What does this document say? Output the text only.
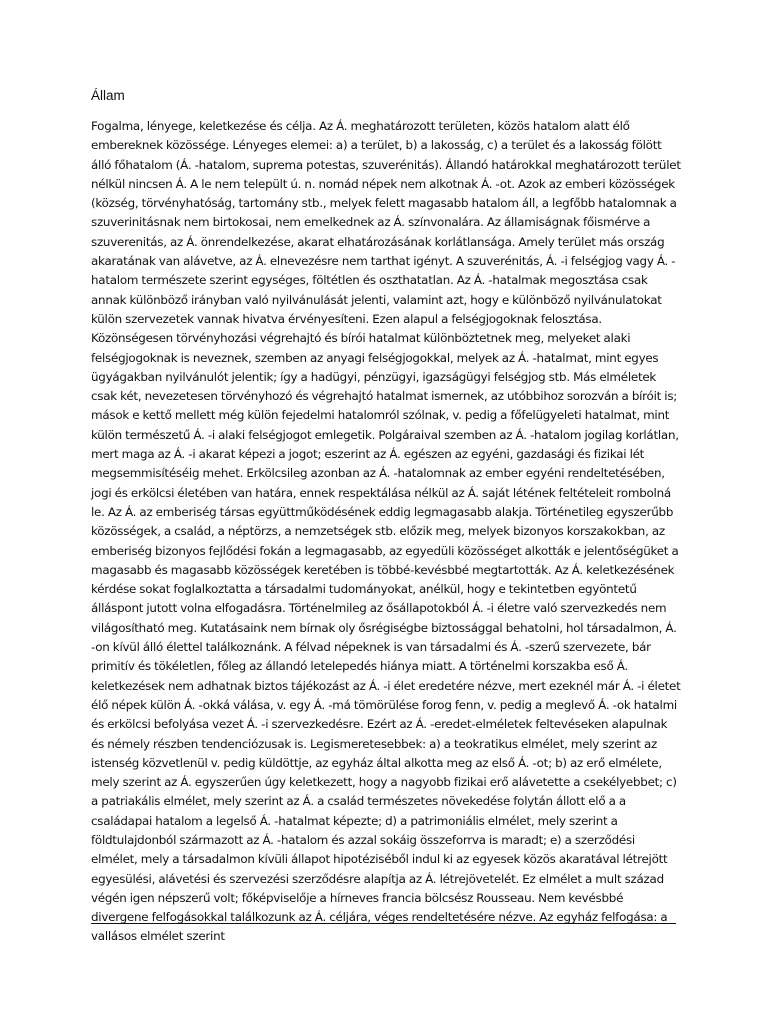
Állam

Fogalma, lényege, keletkezése és célja. Az Á. meghatározott területen, közös hatalom alatt élő embereknek közössége. Lényeges elemei: a) a terület, b) a lakosság, c) a terület és a lakosság fölött álló főhatalom (Á. -hatalom, suprema potestas, szuverénitás). Állandó határokkal meghatározott terület nélkül nincsen Á. A le nem települt ú. n. nomád népek nem alkotnak Á. -ot. Azok az emberi közösségek (község, törvényhatóság, tartomány stb., melyek felett magasabb hatalom áll, a legfőbb hatalomnak a szuverinitásnak nem birtokosai, nem emelkednek az Á. színvonalára. Az államiságnak főismérve a szuverenitás, az Á. önrendelkezése, akarat elhatározásának korlátlansága. Amely terület más ország akaratának van alávetve, az Á. elnevezésre nem tarthat igényt. A szuverénitás, Á. -i felségjog vagy Á. -hatalom természete szerint egységes, föltétlen és oszthatatlan. Az Á. -hatalmak megosztása csak annak különböző irányban való nyilvánulását jelenti, valamint azt, hogy e különböző nyilvánulatokat külön szervezetek vannak hivatva érvényesíteni. Ezen alapul a felségjogoknak felosztása. Közönségesen törvényhozási végrehajtó és bírói hatalmat különböztetnek meg, melyeket alaki felségjogoknak is neveznek, szemben az anyagi felségjogokkal, melyek az Á. -hatalmat, mint egyes ügyágakban nyilvánulót jelentik; így a hadügyi, pénzügyi, igazságügyi felségjog stb. Más elméletek csak két, nevezetesen törvényhozó és végrehajtó hatalmat ismernek, az utóbbihoz sorozván a bíróit is; mások e kettő mellett még külön fejedelmi hatalomról szólnak, v. pedig a főfelügyeleti hatalmat, mint külön természetű Á. -i alaki felségjogot emlegetik. Polgáraival szemben az Á. -hatalom jogilag korlátlan, mert maga az Á. -i akarat képezi a jogot; eszerint az Á. egészen az egyéni, gazdasági és fizikai lét megsemmisítéséig mehet. Erkölcsileg azonban az Á. -hatalomnak az ember egyéni rendeltetésében, jogi és erkölcsi életében van határa, ennek respektálása nélkül az Á. saját létének feltételeit rombolná le. Az Á. az emberiség társas együttműködésének eddig legmagasabb alakja. Történetileg egyszerűbb közösségek, a család, a néptörzs, a nemzetségek stb. előzik meg, melyek bizonyos korszakokban, az emberiség bizonyos fejlődési fokán a legmagasabb, az egyedüli közösséget alkották e jelentőségüket a magasabb és magasabb közösségek keretében is többé-kevésbbé megtartották. Az Á. keletkezésének kérdése sokat foglalkoztatta a társadalmi tudományokat, anélkül, hogy e tekintetben egyöntetű álláspont jutott volna elfogadásra. Történelmileg az ősállapotokból Á. -i életre való szervezkedés nem világosítható meg. Kutatásaink nem bírnak oly ősrégiségbe biztossággal behatolni, hol társadalmon, Á. -on kívül álló élettel találkoznánk. A félvad népeknek is van társadalmi és Á. -szerű szervezete, bár primitív és tökéletlen, főleg az állandó letelepedés hiánya miatt. A történelmi korszakba eső Á. keletkezések nem adhatnak biztos tájékozást az Á. -i élet eredetére nézve, mert ezeknél már Á. -i életet élő népek külön Á. -okká válása, v. egy Á. -má tömörülése forog fenn, v. pedig a meglevő Á. -ok hatalmi és erkölcsi befolyása vezet Á. -i szervezkedésre. Ezért az Á. -eredet-elméletek feltevéseken alapulnak és némely részben tendenciózusak is. Legismeretesebbek: a) a teokratikus elmélet, mely szerint az istenség közvetlenül v. pedig küldöttje, az egyház által alkotta meg az első Á. -ot; b) az erő elmélete, mely szerint az Á. egyszerűen úgy keletkezett, hogy a nagyobb fizikai erő alávetette a csekélyebbet; c) a patriakális elmélet, mely szerint az Á. a család természetes növekedése folytán állott elő a a családapai hatalom a legelső Á. -hatalmat képezte; d) a patrimoniális elmélet, mely szerint a földtulajdonból származott az Á. -hatalom és azzal sokáig összeforrva is maradt; e) a szerződési elmélet, mely a társadalmon kívüli állapot hipotéziséből indul ki az egyesek közös akaratával létrejött egyesülési, alávetési és szervezési szerződésre alapítja az Á. létrejövetelét. Ez elmélet a mult század végén igen népszerű volt; főképviselője a hírneves francia bölcsész Rousseau. Nem kevésbbé divergene felfogásokkal találkozunk az Á. céljára, véges rendeltetésére nézve. Az egyház felfogása: a vallásos elmélet szerint
